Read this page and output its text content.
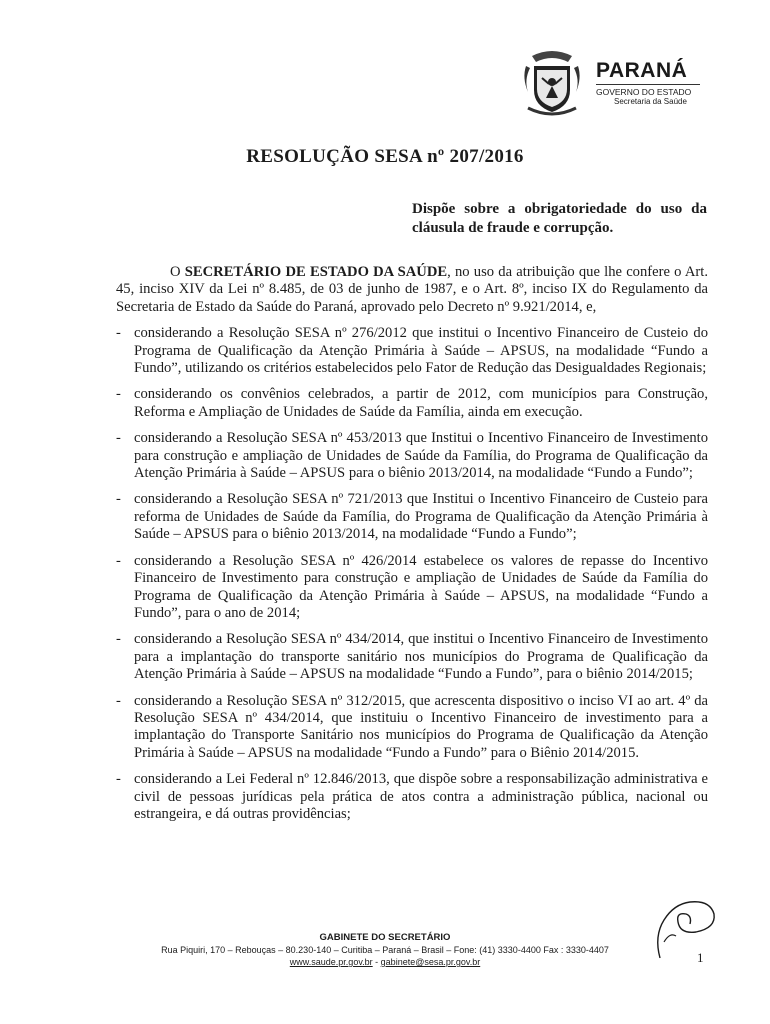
PARANÁ
GOVERNO DO ESTADO
Secretaria da Saúde
RESOLUÇÃO SESA nº 207/2016
Dispõe sobre a obrigatoriedade do uso da cláusula de fraude e corrupção.

O SECRETÁRIO DE ESTADO DA SAÚDE, no uso da atribuição que lhe confere o Art. 45, inciso XIV da Lei nº 8.485, de 03 de junho de 1987, e o Art. 8º, inciso IX do Regulamento da Secretaria de Estado da Saúde do Paraná, aprovado pelo Decreto nº 9.921/2014, e,

- considerando a Resolução SESA nº 276/2012 que institui o Incentivo Financeiro de Custeio do Programa de Qualificação da Atenção Primária à Saúde – APSUS, na modalidade “Fundo a Fundo”, utilizando os critérios estabelecidos pelo Fator de Redução das Desigualdades Regionais;
- considerando os convênios celebrados, a partir de 2012, com municípios para Construção, Reforma e Ampliação de Unidades de Saúde da Família, ainda em execução.
- considerando a Resolução SESA nº 453/2013 que Institui o Incentivo Financeiro de Investimento para construção e ampliação de Unidades de Saúde da Família, do Programa de Qualificação da Atenção Primária à Saúde – APSUS para o biênio 2013/2014, na modalidade “Fundo a Fundo”;
- considerando a Resolução SESA nº 721/2013 que Institui o Incentivo Financeiro de Custeio para reforma de Unidades de Saúde da Família, do Programa de Qualificação da Atenção Primária à Saúde – APSUS para o biênio 2013/2014, na modalidade “Fundo a Fundo”;
- considerando a Resolução SESA nº 426/2014 estabelece os valores de repasse do Incentivo Financeiro de Investimento para construção e ampliação de Unidades de Saúde da Família do Programa de Qualificação da Atenção Primária à Saúde – APSUS, na modalidade “Fundo a Fundo”, para o ano de 2014;
- considerando a Resolução SESA nº 434/2014, que institui o Incentivo Financeiro de Investimento para a implantação do transporte sanitário nos municípios do Programa de Qualificação da Atenção Primária à Saúde – APSUS na modalidade “Fundo a Fundo”, para o biênio 2014/2015;
- considerando a Resolução SESA nº 312/2015, que acrescenta dispositivo o inciso VI ao art. 4º da Resolução SESA nº 434/2014, que instituiu o Incentivo Financeiro de investimento para a implantação do Transporte Sanitário nos municípios do Programa de Qualificação da Atenção Primária à Saúde – APSUS na modalidade “Fundo a Fundo” para o Biênio 2014/2015.
- considerando a Lei Federal nº 12.846/2013, que dispõe sobre a responsabilização administrativa e civil de pessoas jurídicas pela prática de atos contra a administração pública, nacional ou estrangeira, e dá outras providências;
GABINETE DO SECRETÁRIO
Rua Piquiri, 170 – Rebouças – 80.230-140 – Curitiba – Paraná – Brasil – Fone: (41) 3330-4400 Fax : 3330-4407
www.saude.pr.gov.br - gabinete@sesa.pr.gov.br	1
